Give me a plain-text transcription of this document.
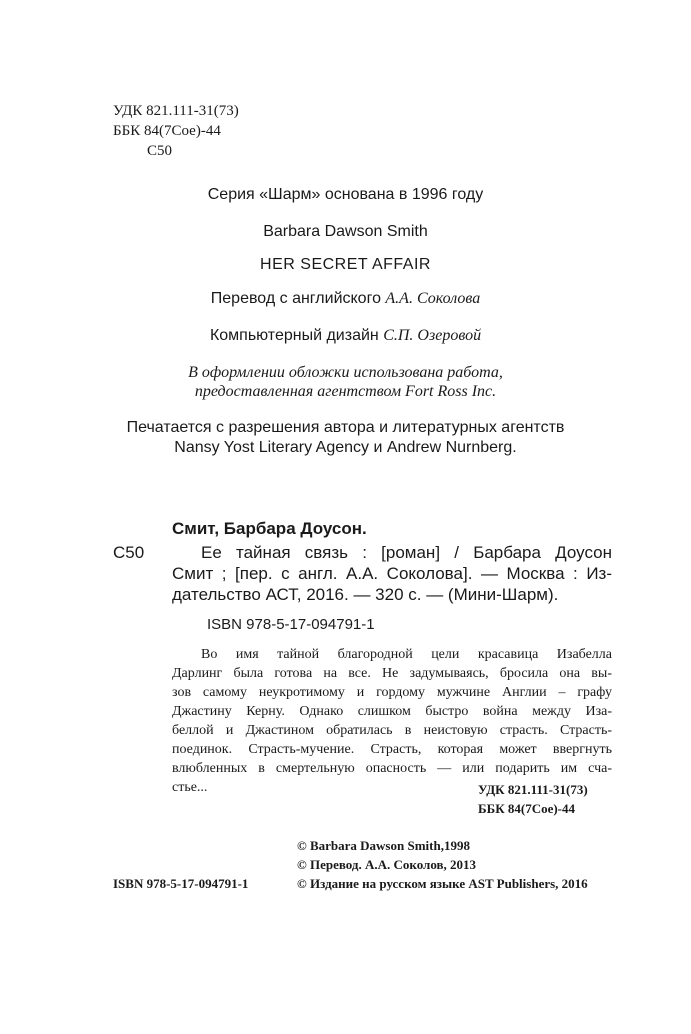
УДК 821.111-31(73)
ББК 84(7Сое)-44
С50
Серия «Шарм» основана в 1996 году
Barbara Dawson Smith
HER SECRET AFFAIR
Перевод с английского А.А. Соколова
Компьютерный дизайн С.П. Озеровой
В оформлении обложки использована работа,
предоставленная агентством Fort Ross Inc.
Печатается с разрешения автора и литературных агентств
Nansy Yost Literary Agency и Andrew Nurnberg.
Смит, Барбара Доусон.
С50	Ее тайная связь : [роман] / Барбара Доусон
Смит ; [пер. с англ. А.А. Соколова]. — Москва : Из-
дательство АСТ, 2016. — 320 с. — (Мини-Шарм).
ISBN 978-5-17-094791-1
Во имя тайной благородной цели красавица Изабелла
Дарлинг была готова на все. Не задумываясь, бросила она вы-
зов самому неукротимому и гордому мужчине Англии – графу
Джастину Керну. Однако слишком быстро война между Иза-
беллой и Джастином обратилась в неистовую страсть. Страсть-
поединок. Страсть-мучение. Страсть, которая может ввергнуть
влюбленных в смертельную опасность — или подарить им сча-
стье...	УДК 821.111-31(73)
ББК 84(7Сое)-44
© Barbara Dawson Smith,1998
© Перевод. А.А. Соколов, 2013
ISBN 978-5-17-094791-1	© Издание на русском языке AST Publishers, 2016
